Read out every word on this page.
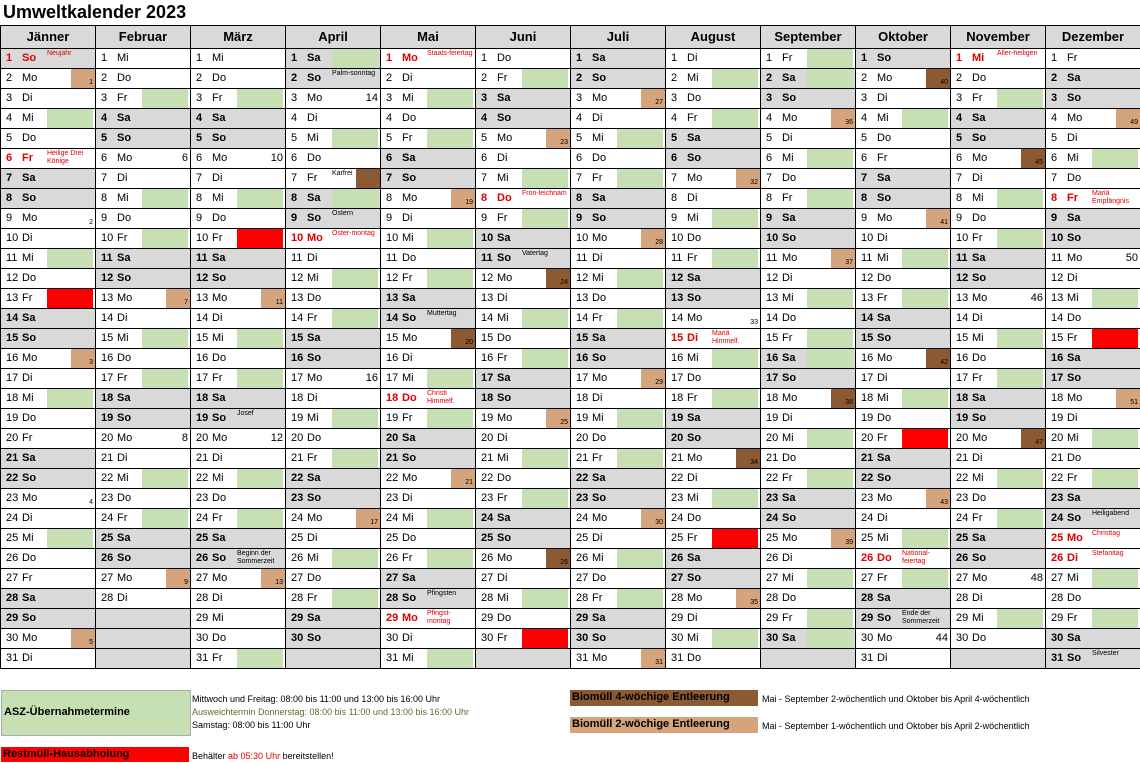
Umweltkalender 2023
Jänner
1 So Neujahr
2 Mo	1
3 Di
4 Mi
5 Do
6 Fr Heilige Drei Könige
7 Sa
8 So
9 Mo	2
10 Di
11 Mi
12 Do
13 Fr
14 Sa
15 So
16 Mo	3
17 Di
18 Mi
19 Do
20 Fr
21 Sa
22 So
23 Mo	4
24 Di
25 Mi
26 Do
27 Fr
28 Sa
29 So
30 Mo	5
31 Di
Februar
1 Mi
2 Do
3 Fr
4 Sa
5 So
6 Mo	6
7 Di
8 Mi
9 Do
10 Fr
11 Sa
12 So
13 Mo	7
14 Di
15 Mi
16 Do
17 Fr
18 Sa
19 So
20 Mo	8
21 Di
22 Mi
23 Do
24 Fr
25 Sa
26 So
27 Mo	9
28 Di
März
1 Mi
2 Do
3 Fr
4 Sa
5 So
6 Mo	10
7 Di
8 Mi
9 Do
10 Fr
11 Sa
12 So
13 Mo	11
14 Di
15 Mi
16 Do
17 Fr
18 Sa
19 So Josef
20 Mo	12
21 Di
22 Mi
23 Do
24 Fr
25 Sa
26 So Beginn der Sommerzeit
27 Mo	13
28 Di
29 Mi
30 Do
31 Fr
April
1 Sa
2 So Palm-sonntag
3 Mo	14
4 Di
5 Mi
6 Do
7 Fr Karfrei
8 Sa
9 So Ostern
10 Mo Oster-montag
11 Di
12 Mi
13 Do
14 Fr
15 Sa
16 So
17 Mo	16
18 Di
19 Mi
20 Do
21 Fr
22 Sa
23 So
24 Mo	17
25 Di
26 Mi
27 Do
28 Fr
29 Sa
30 So
Mai
1 Mo Staats-feiertag
2 Di
3 Mi
4 Do
5 Fr
6 Sa
7 So
8 Mo	19
9 Di
10 Mi
11 Do
12 Fr
13 Sa
14 So Muttertag
15 Mo	20
16 Di
17 Mi
18 Do Christi Himmelf.
19 Fr
20 Sa
21 So
22 Mo	21
23 Di
24 Mi
25 Do
26 Fr
27 Sa
28 So Pfingsten
29 Mo Pfingst-montag
30 Di
31 Mi
Juni
1 Do
2 Fr
3 Sa
4 So
5 Mo	23
6 Di
7 Mi
8 Do Fron-leichnam
9 Fr
10 Sa
11 So Vatertag
12 Mo	24
13 Di
14 Mi
15 Do
16 Fr
17 Sa
18 So
19 Mo	25
20 Di
21 Mi
22 Do
23 Fr
24 Sa
25 So
26 Mo	26
27 Di
28 Mi
29 Do
30 Fr
Juli
1 Sa
2 So
3 Mo	27
4 Di
5 Mi
6 Do
7 Fr
8 Sa
9 So
10 Mo	28
11 Di
12 Mi
13 Do
14 Fr
15 Sa
16 So
17 Mo	29
18 Di
19 Mi
20 Do
21 Fr
22 Sa
23 So
24 Mo	30
25 Di
26 Mi
27 Do
28 Fr
29 Sa
30 So
31 Mo	31
August
1 Di
2 Mi
3 Do
4 Fr
5 Sa
6 So
7 Mo	32
8 Di
9 Mi
10 Do
11 Fr
12 Sa
13 So
14 Mo	33
15 Di Mariä Himmelf.
16 Mi
17 Do
18 Fr
19 Sa
20 So
21 Mo	34
22 Di
23 Mi
24 Do
25 Fr
26 Sa
27 So
28 Mo	35
29 Di
30 Mi
31 Do
September
1 Fr
2 Sa
3 So
4 Mo	36
5 Di
6 Mi
7 Do
8 Fr
9 Sa
10 So
11 Mo	37
12 Di
13 Mi
14 Do
15 Fr
16 Sa
17 So
18 Mo	38
19 Di
20 Mi
21 Do
22 Fr
23 Sa
24 So
25 Mo	39
26 Di
27 Mi
28 Do
29 Fr
30 Sa
Oktober
1 So
2 Mo	40
3 Di
4 Mi
5 Do
6 Fr
7 Sa
8 So
9 Mo	41
10 Di
11 Mi
12 Do
13 Fr
14 Sa
15 So
16 Mo	42
17 Di
18 Mi
19 Do
20 Fr
21 Sa
22 So
23 Mo	43
24 Di
25 Mi
26 Do National-feiertag
27 Fr
28 Sa
29 So Ende der Sommerzeit
30 Mo	44
31 Di
November
1 Mi Aller-heiligen
2 Do
3 Fr
4 Sa
5 So
6 Mo	45
7 Di
8 Mi
9 Do
10 Fr
11 Sa
12 So
13 Mo	46
14 Di
15 Mi
16 Do
17 Fr
18 Sa
19 So
20 Mo	47
21 Di
22 Mi
23 Do
24 Fr
25 Sa
26 So
27 Mo	48
28 Di
29 Mi
30 Do
Dezember
1 Fr
2 Sa
3 So
4 Mo	49
5 Di
6 Mi
7 Do
8 Fr Mariä Empfängnis
9 Sa
10 So
11 Mo	50
12 Di
13 Mi
14 Do
15 Fr
16 Sa
17 So
18 Mo	51
19 Di
20 Mi
21 Do
22 Fr
23 Sa
24 So Heiligabend
25 Mo Christtag
26 Di Stefanitag
27 Mi
28 Do
29 Fr
30 Sa
31 So Silvester
ASZ-Übernahmetermine
Mittwoch und Freitag: 08:00 bis 11:00 und 13:00 bis 16:00 Uhr
Ausweichtermin Donnerstag: 08:00 bis 11:00 und 13:00 bis 16:00 Uhr
Samstag: 08:00 bis 11:00 Uhr
Restmüll-Hausabholung	Behälter ab 05:30 Uhr bereitstellen!
Biomüll 4-wöchige Entleerung	Mai - September 2-wöchentlich und Oktober bis April 4-wöchentlich
Biomüll 2-wöchige Entleerung	Mai - September 1-wöchentlich und Oktober bis April 2-wöchentlich
